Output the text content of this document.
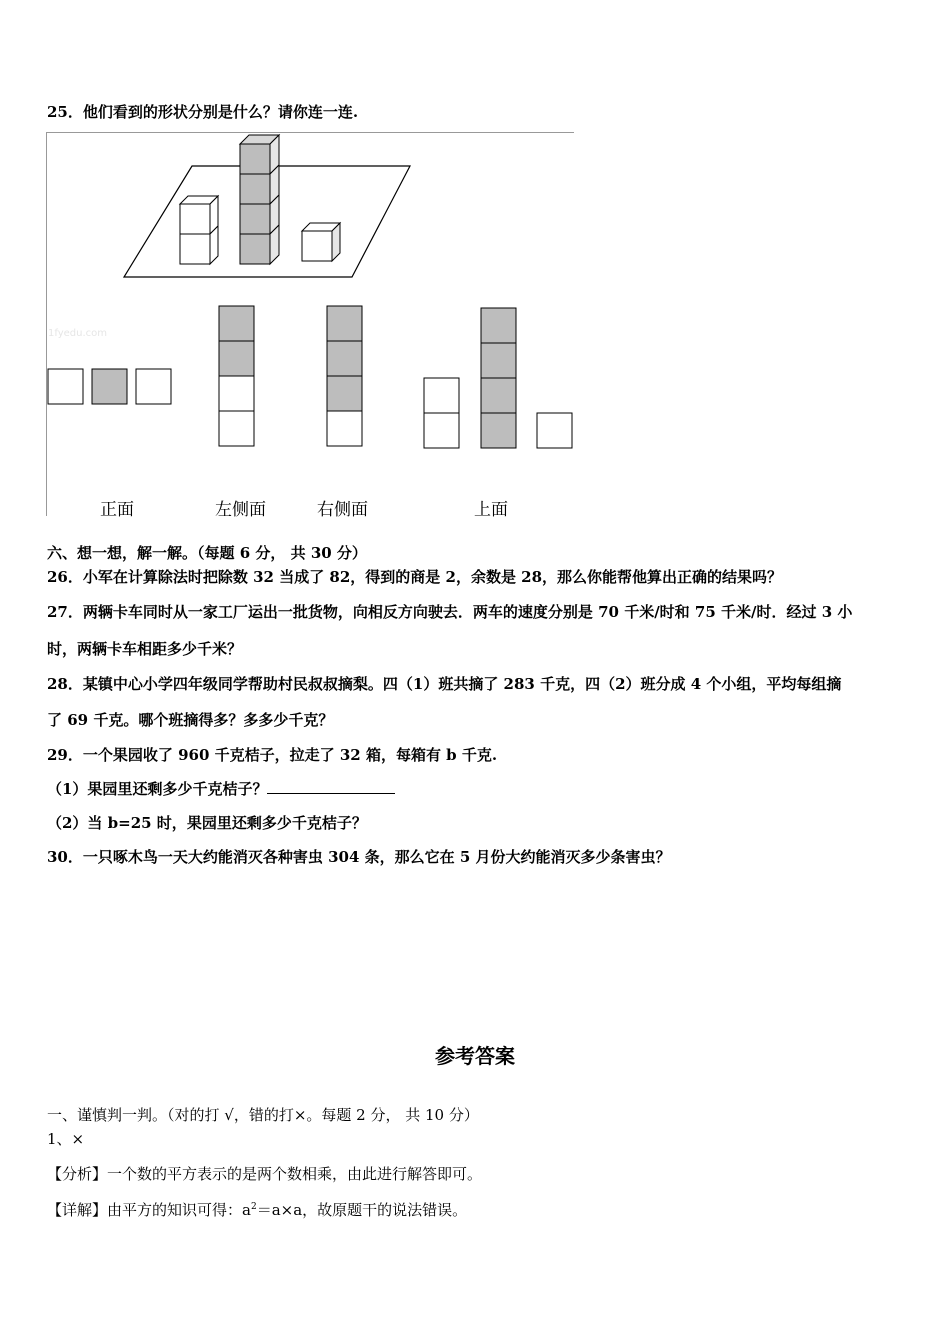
25．他们看到的形状分别是什么？请你连一连.
1fyedu.com
正面	左侧面	右侧面	上面
六、想一想，解一解。（每题 6 分， 共 30 分）
26．小军在计算除法时把除数 32 当成了 82，得到的商是 2，余数是 28，那么你能帮他算出正确的结果吗？
27．两辆卡车同时从一家工厂运出一批货物，向相反方向驶去．两车的速度分别是 70 千米/时和 75 千米/时．经过 3 小
时，两辆卡车相距多少千米？
28．某镇中心小学四年级同学帮助村民叔叔摘梨。四（1）班共摘了 283 千克，四（2）班分成 4 个小组，平均每组摘
了 69 千克。哪个班摘得多？多多少千克？
29．一个果园收了 960 千克桔子，拉走了 32 箱，每箱有 b 千克.
（1）果园里还剩多少千克桔子？
（2）当 b=25 时，果园里还剩多少千克桔子？
30．一只啄木鸟一天大约能消灭各种害虫 304 条，那么它在 5 月份大约能消灭多少条害虫？
参考答案
一、谨慎判一判。（对的打 √，错的打×。每题 2 分， 共 10 分）
1、×
【分析】一个数的平方表示的是两个数相乘，由此进行解答即可。
【详解】由平方的知识可得：$a^2=a\times a$，故原题干的说法错误。
